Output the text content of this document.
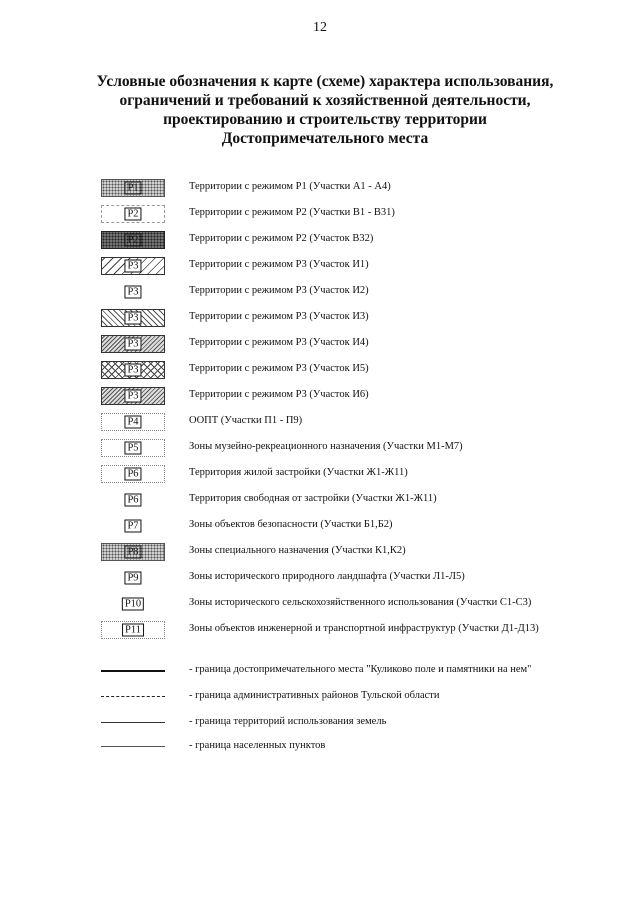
12
Условные обозначения к карте (схеме) характера использования,
ограничений и требований к хозяйственной деятельности,
проектированию и строительству территории
Достопримечательного места
P1	Территории с режимом Р1 (Участки А1 - А4)
P2	Территории с режимом Р2 (Участки В1 - В31)
P2	Территории с режимом Р2 (Участок В32)
P3	Территории с режимом Р3 (Участок И1)
P3	Территории с режимом Р3 (Участок И2)
P3	Территории с режимом Р3 (Участок И3)
P3	Территории с режимом Р3 (Участок И4)
P3	Территории с режимом Р3 (Участок И5)
P3	Территории с режимом Р3 (Участок И6)
P4	ООПТ (Участки П1 - П9)
P5	Зоны музейно-рекреационного назначения (Участки М1-М7)
P6	Территория жилой застройки (Участки Ж1-Ж11)
P6	Территория свободная от застройки (Участки Ж1-Ж11)
P7	Зоны объектов безопасности (Участки Б1,Б2)
P8	Зоны специального назначения (Участки К1,К2)
P9	Зоны исторического природного ландшафта (Участки Л1-Л5)
P10	Зоны исторического сельскохозяйственного использования (Участки С1-С3)
P11	Зоны объектов инженерной и транспортной инфраструктур (Участки Д1-Д13)
- граница достопримечательного места "Куликово поле и памятники на нем"
- граница административных районов Тульской области
- граница территорий использования земель
- граница населенных пунктов
